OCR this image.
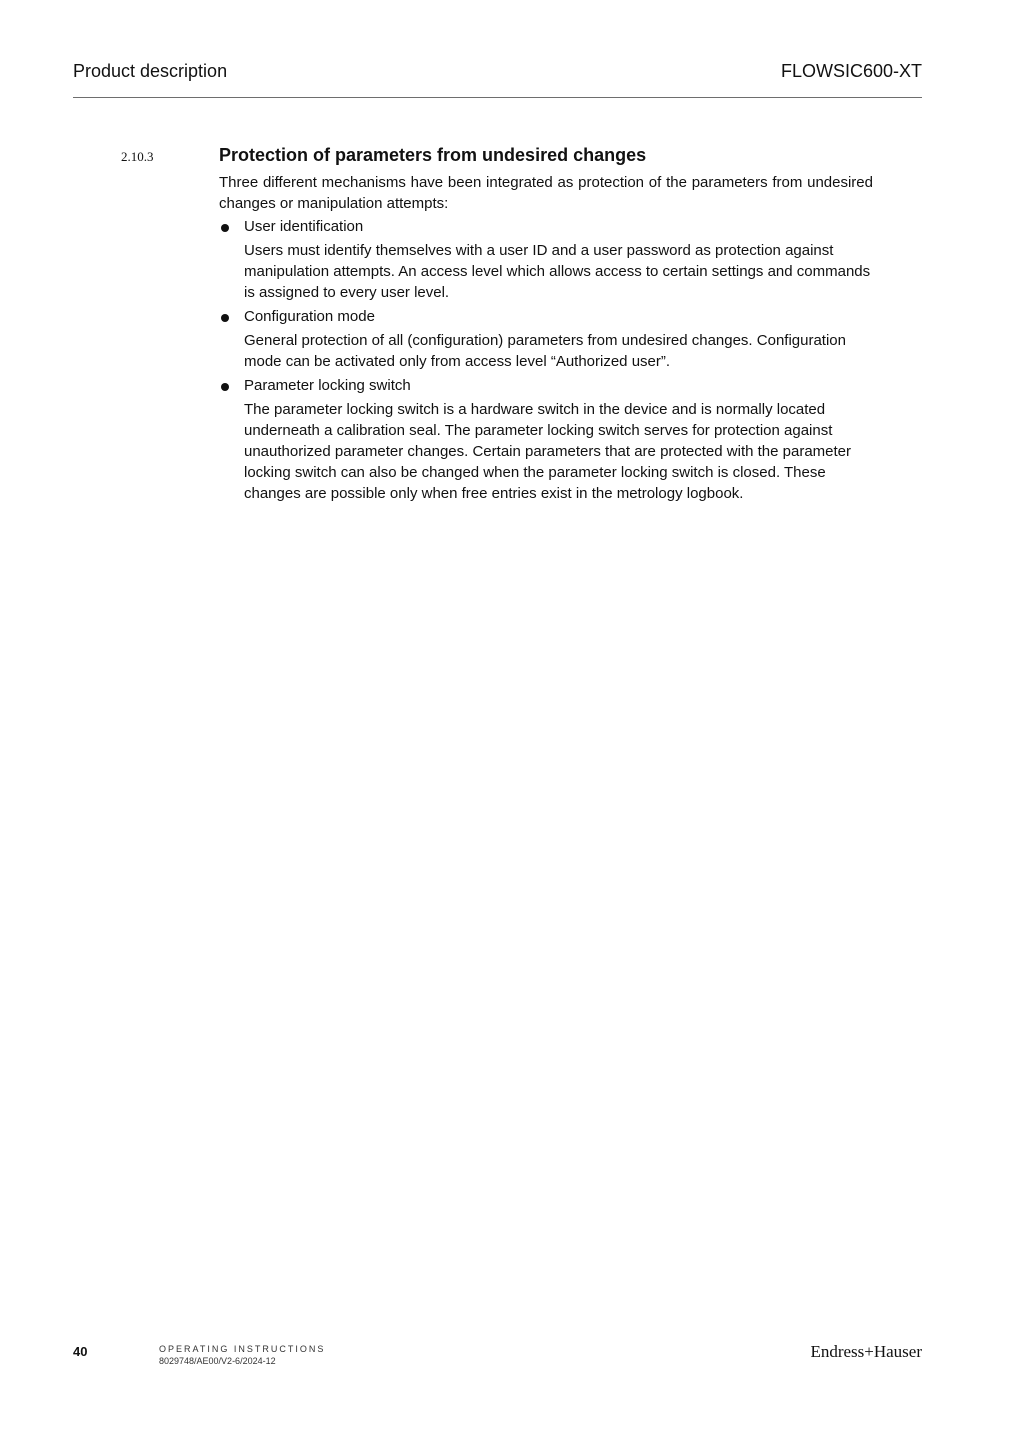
Product description	FLOWSIC600-XT
2.10.3	Protection of parameters from undesired changes

Three different mechanisms have been integrated as protection of the parameters from undesired changes or manipulation attempts:

User identification

Users must identify themselves with a user ID and a user password as protection against manipulation attempts. An access level which allows access to certain settings and commands is assigned to every user level.

Configuration mode

General protection of all (configuration) parameters from undesired changes. Configuration mode can be activated only from access level “Authorized user”.

Parameter locking switch

The parameter locking switch is a hardware switch in the device and is normally located underneath a calibration seal. The parameter locking switch serves for protection against unauthorized parameter changes. Certain parameters that are protected with the parameter locking switch can also be changed when the parameter locking switch is closed. These changes are possible only when free entries exist in the metrology logbook.

40	OPERATING INSTRUCTIONS
8029748/AE00/V2-6/2024-12	Endress+Hauser
